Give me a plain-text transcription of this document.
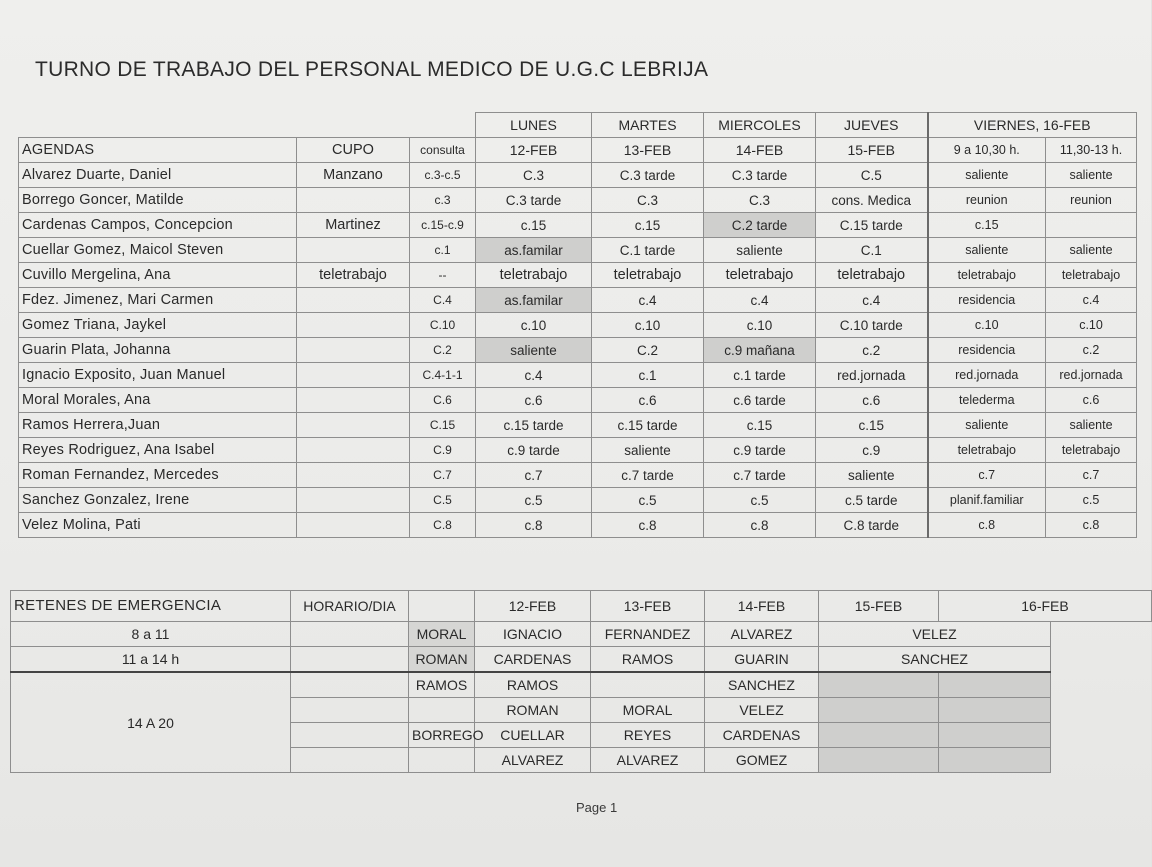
TURNO DE TRABAJO DEL PERSONAL MEDICO DE U.G.C LEBRIJA
			LUNES	MARTES	MIERCOLES	JUEVES	VIERNES, 16-FEB	
AGENDAS	CUPO	consulta	12-FEB	13-FEB	14-FEB	15-FEB	9 a 10,30 h.	11,30-13 h.
Alvarez Duarte, Daniel	Manzano	c.3-c.5	C.3	C.3 tarde	C.3 tarde	C.5	saliente	saliente
Borrego Goncer, Matilde		c.3	C.3 tarde	C.3	C.3	cons. Medica	reunion	reunion
Cardenas Campos, Concepcion	Martinez	c.15-c.9	c.15	c.15	C.2 tarde	C.15 tarde	c.15	
Cuellar Gomez, Maicol Steven		c.1	as.familar	C.1 tarde	saliente	C.1	saliente	saliente
Cuvillo Mergelina, Ana	teletrabajo	--	teletrabajo	teletrabajo	teletrabajo	teletrabajo	teletrabajo	teletrabajo
Fdez. Jimenez, Mari Carmen		C.4	as.familar	c.4	c.4	c.4	residencia	c.4
Gomez Triana, Jaykel		C.10	c.10	c.10	c.10	C.10 tarde	c.10	c.10
Guarin Plata, Johanna		C.2	saliente	C.2	c.9 mañana	c.2	residencia	c.2
Ignacio Exposito, Juan Manuel		C.4-1-1	c.4	c.1	c.1 tarde	red.jornada	red.jornada	red.jornada
Moral Morales, Ana		C.6	c.6	c.6	c.6 tarde	c.6	telederma	c.6
Ramos Herrera,Juan		C.15	c.15 tarde	c.15 tarde	c.15	c.15	saliente	saliente
Reyes Rodriguez, Ana Isabel		C.9	c.9 tarde	saliente	c.9 tarde	c.9	teletrabajo	teletrabajo
Roman Fernandez, Mercedes		C.7	c.7	c.7 tarde	c.7 tarde	saliente	c.7	c.7
Sanchez Gonzalez, Irene		C.5	c.5	c.5	c.5	c.5 tarde	planif.familiar	c.5
Velez Molina, Pati		C.8	c.8	c.8	c.8	C.8 tarde	c.8	c.8
RETENES DE EMERGENCIA	HORARIO/DIA		12-FEB	13-FEB	14-FEB	15-FEB	16-FEB
8 a 11		MORAL	IGNACIO	FERNANDEZ	ALVAREZ	VELEZ	
11 a 14 h		ROMAN	CARDENAS	RAMOS	GUARIN	SANCHEZ	
14 A 20		RAMOS	RAMOS		SANCHEZ		
			ROMAN	MORAL	VELEZ		
		BORREGO	CUELLAR	REYES	CARDENAS		
			ALVAREZ	ALVAREZ	GOMEZ		
Page 1
